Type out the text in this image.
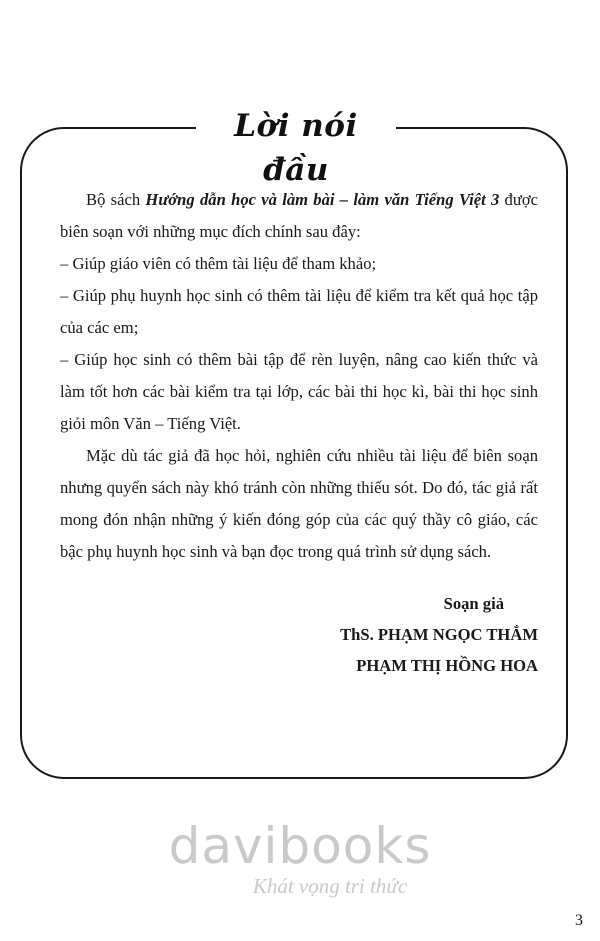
Lời nói đầu

Bộ sách Hướng dẫn học và làm bài – làm văn Tiếng Việt 3 được biên soạn với những mục đích chính sau đây:

– Giúp giáo viên có thêm tài liệu để tham khảo;

– Giúp phụ huynh học sinh có thêm tài liệu để kiểm tra kết quả học tập của các em;

– Giúp học sinh có thêm bài tập để rèn luyện, nâng cao kiến thức và làm tốt hơn các bài kiểm tra tại lớp, các bài thi học kì, bài thi học sinh giỏi môn Văn – Tiếng Việt.

Mặc dù tác giả đã học hỏi, nghiên cứu nhiều tài liệu để biên soạn nhưng quyển sách này khó tránh còn những thiếu sót. Do đó, tác giả rất mong đón nhận những ý kiến đóng góp của các quý thầy cô giáo, các bậc phụ huynh học sinh và bạn đọc trong quá trình sử dụng sách.

Soạn giả
ThS. PHẠM NGỌC THẮM
PHẠM THỊ HỒNG HOA
davibooks
Khát vọng tri thức
3
